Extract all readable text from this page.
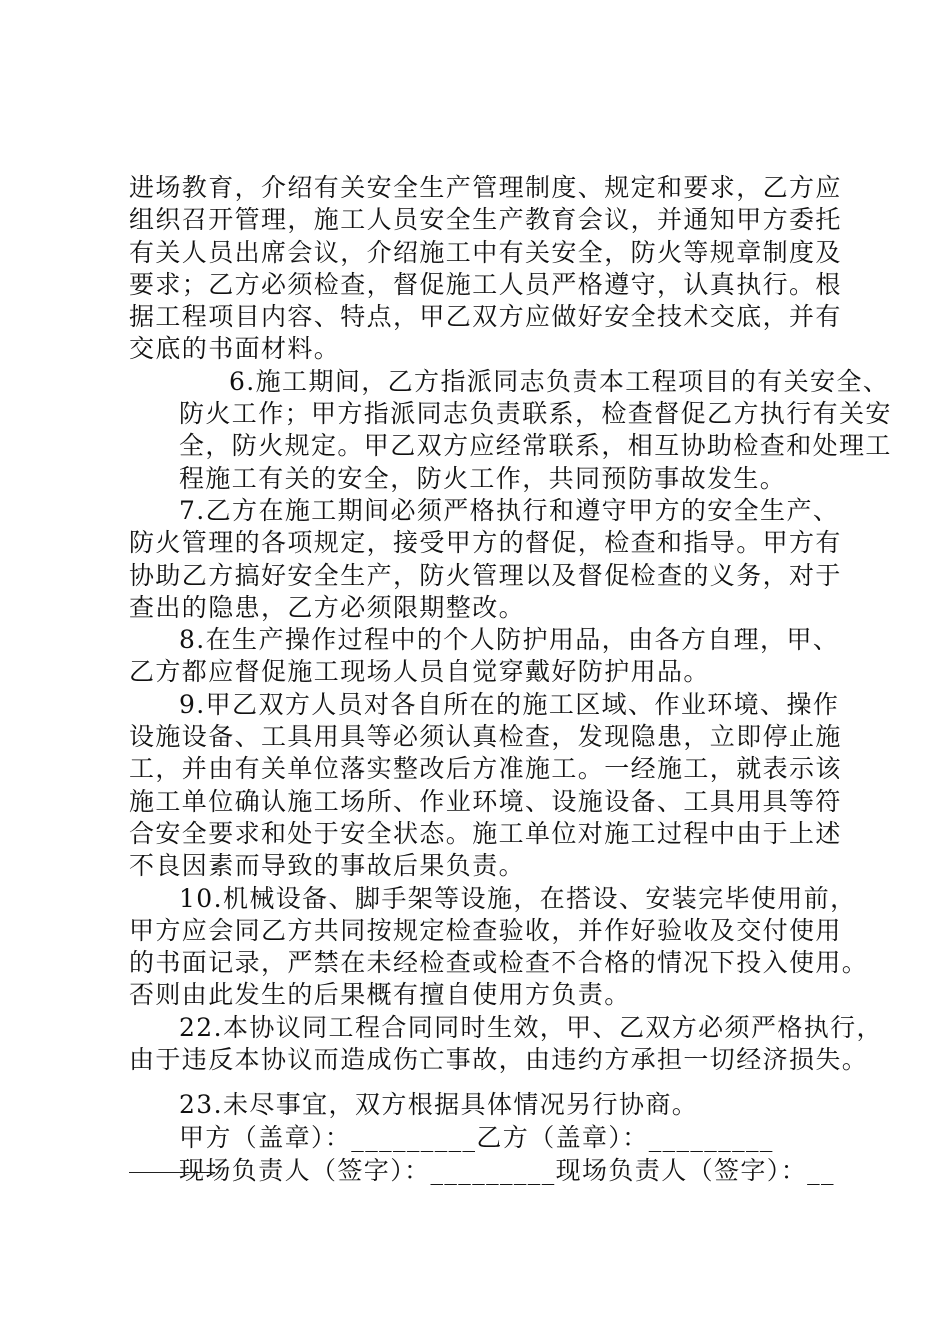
进场教育，介绍有关安全生产管理制度、规定和要求，乙方应
组织召开管理，施工人员安全生产教育会议，并通知甲方委托
有关人员出席会议，介绍施工中有关安全，防火等规章制度及
要求；乙方必须检查，督促施工人员严格遵守，认真执行。根
据工程项目内容、特点，甲乙双方应做好安全技术交底，并有
交底的书面材料。

6.施工期间，乙方指派同志负责本工程项目的有关安全、
防火工作；甲方指派同志负责联系，检查督促乙方执行有关安
全，防火规定。甲乙双方应经常联系，相互协助检查和处理工
程施工有关的安全，防火工作，共同预防事故发生。

7.乙方在施工期间必须严格执行和遵守甲方的安全生产、
防火管理的各项规定，接受甲方的督促，检查和指导。甲方有
协助乙方搞好安全生产，防火管理以及督促检查的义务，对于
查出的隐患，乙方必须限期整改。

8.在生产操作过程中的个人防护用品，由各方自理，甲、
乙方都应督促施工现场人员自觉穿戴好防护用品。

9.甲乙双方人员对各自所在的施工区域、作业环境、操作
设施设备、工具用具等必须认真检查，发现隐患，立即停止施
工，并由有关单位落实整改后方准施工。一经施工，就表示该
施工单位确认施工场所、作业环境、设施设备、工具用具等符
合安全要求和处于安全状态。施工单位对施工过程中由于上述
不良因素而导致的事故后果负责。

10.机械设备、脚手架等设施，在搭设、安装完毕使用前，
甲方应会同乙方共同按规定检查验收，并作好验收及交付使用
的书面记录，严禁在未经检查或检查不合格的情况下投入使用。
否则由此发生的后果概有擅自使用方负责。

22.本协议同工程合同同时生效，甲、乙双方必须严格执行，
由于违反本协议而造成伤亡事故，由违约方承担一切经济损失。

23.未尽事宜，双方根据具体情况另行协商。
甲方（盖章）：_________乙方（盖章）：_________
现场负责人（签字）：_________现场负责人（签字）：__
